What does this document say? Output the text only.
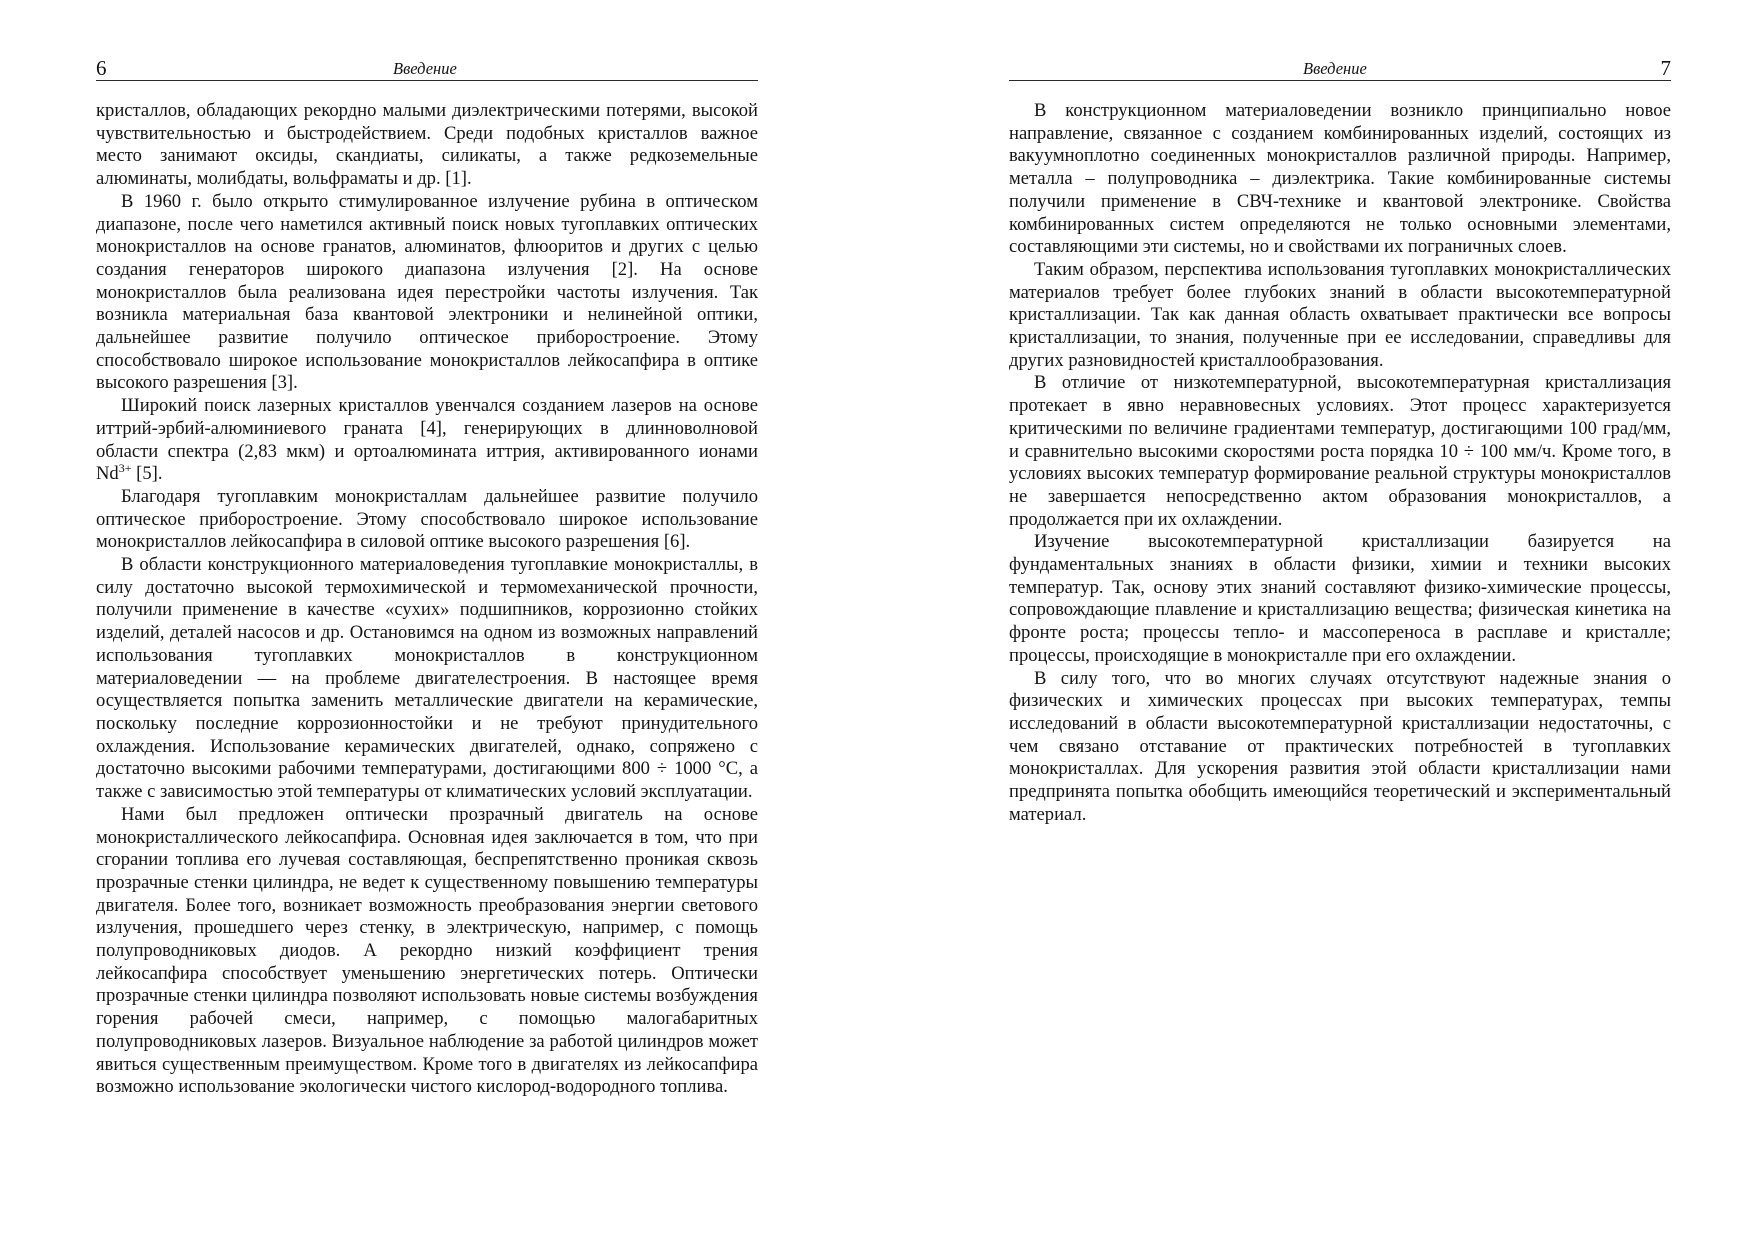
6	Введение

кристаллов, обладающих рекордно малыми диэлектрическими потерями, высокой чувствительностью и быстродействием. Среди подобных кристаллов важное место занимают оксиды, скандиаты, силикаты, а также редкоземельные алюминаты, молибдаты, вольфраматы и др. [1].

В 1960 г. было открыто стимулированное излучение рубина в оптическом диапазоне, после чего наметился активный поиск новых тугоплавких оптических монокристаллов на основе гранатов, алюминатов, флюоритов и других с целью создания генераторов широкого диапазона излучения [2]. На основе монокристаллов была реализована идея перестройки частоты излучения. Так возникла материальная база квантовой электроники и нелинейной оптики, дальнейшее развитие получило оптическое приборостроение. Этому способствовало широкое использование монокристаллов лейкосапфира в оптике высокого разрешения [3].

Широкий поиск лазерных кристаллов увенчался созданием лазеров на основе иттрий-эрбий-алюминиевого граната [4], генерирующих в длинноволновой области спектра (2,83 мкм) и ортоалюмината иттрия, активированного ионами $Nd^{3+}$ [5].

Благодаря тугоплавким монокристаллам дальнейшее развитие получило оптическое приборостроение. Этому способствовало широкое использование монокристаллов лейкосапфира в силовой оптике высокого разрешения [6].

В области конструкционного материаловедения тугоплавкие монокристаллы, в силу достаточно высокой термохимической и термомеханической прочности, получили применение в качестве «сухих» подшипников, коррозионно стойких изделий, деталей насосов и др. Остановимся на одном из возможных направлений использования тугоплавких монокристаллов в конструкционном материаловедении — на проблеме двигателестроения. В настоящее время осуществляется попытка заменить металлические двигатели на керамические, поскольку последние коррозионностойки и не требуют принудительного охлаждения. Использование керамических двигателей, однако, сопряжено с достаточно высокими рабочими температурами, достигающими 800 ÷ 1000 °C, а также с зависимостью этой температуры от климатических условий эксплуатации.

Нами был предложен оптически прозрачный двигатель на основе монокристаллического лейкосапфира. Основная идея заключается в том, что при сгорании топлива его лучевая составляющая, беспрепятственно проникая сквозь прозрачные стенки цилиндра, не ведет к существенному повышению температуры двигателя. Более того, возникает возможность преобразования энергии светового излучения, прошедшего через стенку, в электрическую, например, с помощь полупроводниковых диодов. А рекордно низкий коэффициент трения лейкосапфира способствует уменьшению энергетических потерь. Оптически прозрачные стенки цилиндра позволяют использовать новые системы возбуждения горения рабочей смеси, например, с помощью малогабаритных полупроводниковых лазеров. Визуальное наблюдение за работой цилиндров может явиться существенным преимуществом. Кроме того в двигателях из лейкосапфира возможно использование экологически чистого кислород-водородного топлива.

Введение	7

В конструкционном материаловедении возникло принципиально новое направление, связанное с созданием комбинированных изделий, состоящих из вакуумноплотно соединенных монокристаллов различной природы. Например, металла – полупроводника – диэлектрика. Такие комбинированные системы получили применение в СВЧ-технике и квантовой электронике. Свойства комбинированных систем определяются не только основными элементами, составляющими эти системы, но и свойствами их пограничных слоев.

Таким образом, перспектива использования тугоплавких монокристаллических материалов требует более глубоких знаний в области высокотемпературной кристаллизации. Так как данная область охватывает практически все вопросы кристаллизации, то знания, полученные при ее исследовании, справедливы для других разновидностей кристаллообразования.

В отличие от низкотемпературной, высокотемпературная кристаллизация протекает в явно неравновесных условиях. Этот процесс характеризуется критическими по величине градиентами температур, достигающими 100 град/мм, и сравнительно высокими скоростями роста порядка 10 ÷ 100 мм/ч. Кроме того, в условиях высоких температур формирование реальной структуры монокристаллов не завершается непосредственно актом образования монокристаллов, а продолжается при их охлаждении.

Изучение высокотемпературной кристаллизации базируется на фундаментальных знаниях в области физики, химии и техники высоких температур. Так, основу этих знаний составляют физико-химические процессы, сопровождающие плавление и кристаллизацию вещества; физическая кинетика на фронте роста; процессы тепло- и массопереноса в расплаве и кристалле; процессы, происходящие в монокристалле при его охлаждении.

В силу того, что во многих случаях отсутствуют надежные знания о физических и химических процессах при высоких температурах, темпы исследований в области высокотемпературной кристаллизации недостаточны, с чем связано отставание от практических потребностей в тугоплавких монокристаллах. Для ускорения развития этой области кристаллизации нами предпринята попытка обобщить имеющийся теоретический и экспериментальный материал.
